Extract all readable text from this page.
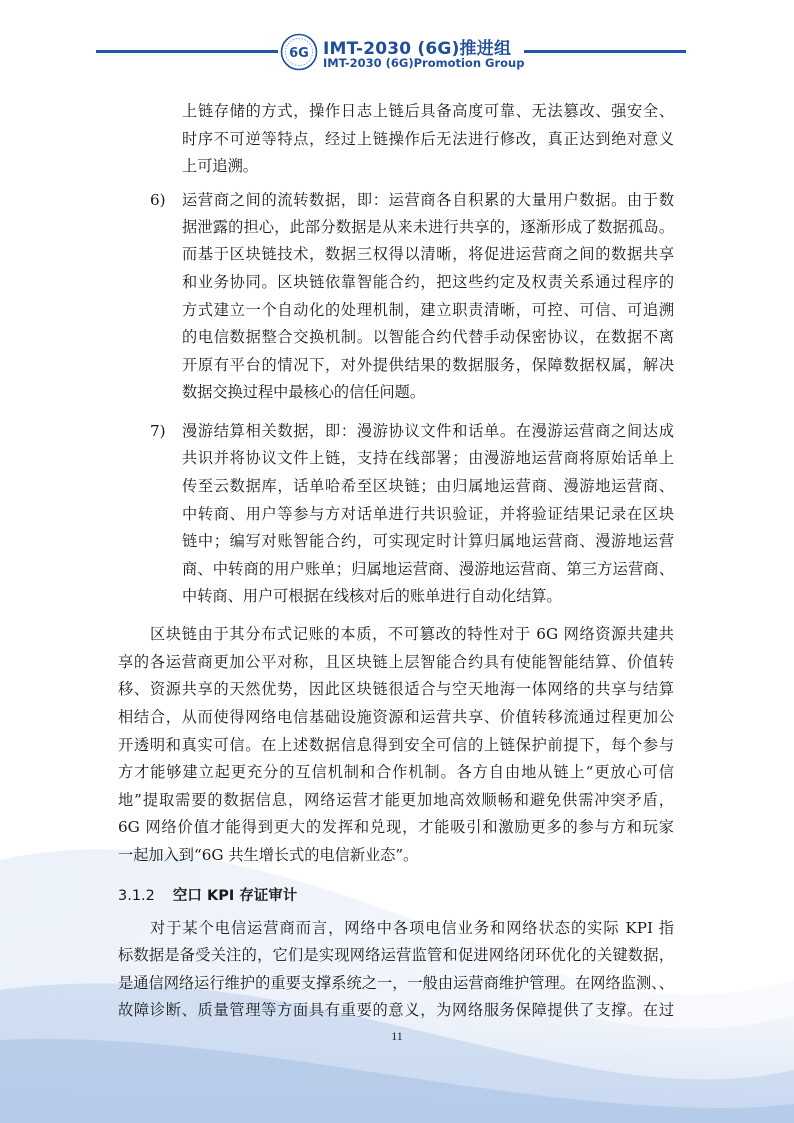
6G IMT-2030 (6G)推进组
IMT-2030 (6G)Promotion Group
上链存储的方式，操作日志上链后具备高度可靠、无法篡改、强安全、
时序不可逆等特点，经过上链操作后无法进行修改，真正达到绝对意义
上可追溯。
6) 运营商之间的流转数据，即：运营商各自积累的大量用户数据。由于数
据泄露的担心，此部分数据是从来未进行共享的，逐渐形成了数据孤岛。
而基于区块链技术，数据三权得以清晰，将促进运营商之间的数据共享
和业务协同。区块链依靠智能合约，把这些约定及权责关系通过程序的
方式建立一个自动化的处理机制，建立职责清晰，可控、可信、可追溯
的电信数据整合交换机制。以智能合约代替手动保密协议，在数据不离
开原有平台的情况下，对外提供结果的数据服务，保障数据权属，解决
数据交换过程中最核心的信任问题。
7) 漫游结算相关数据，即：漫游协议文件和话单。在漫游运营商之间达成
共识并将协议文件上链，支持在线部署；由漫游地运营商将原始话单上
传至云数据库，话单哈希至区块链；由归属地运营商、漫游地运营商、
中转商、用户等参与方对话单进行共识验证，并将验证结果记录在区块
链中；编写对账智能合约，可实现定时计算归属地运营商、漫游地运营
商、中转商的用户账单；归属地运营商、漫游地运营商、第三方运营商、
中转商、用户可根据在线核对后的账单进行自动化结算。
区块链由于其分布式记账的本质，不可篡改的特性对于 6G 网络资源共建共
享的各运营商更加公平对称，且区块链上层智能合约具有使能智能结算、价值转
移、资源共享的天然优势，因此区块链很适合与空天地海一体网络的共享与结算
相结合，从而使得网络电信基础设施资源和运营共享、价值转移流通过程更加公
开透明和真实可信。在上述数据信息得到安全可信的上链保护前提下，每个参与
方才能够建立起更充分的互信机制和合作机制。各方自由地从链上“更放心可信
地”提取需要的数据信息，网络运营才能更加地高效顺畅和避免供需冲突矛盾，
6G 网络价值才能得到更大的发挥和兑现，才能吸引和激励更多的参与方和玩家
一起加入到“6G 共生增长式的电信新业态”。
3.1.2 空口 KPI 存证审计
对于某个电信运营商而言，网络中各项电信业务和网络状态的实际 KPI 指
标数据是备受关注的，它们是实现网络运营监管和促进网络闭环优化的关键数据，
是通信网络运行维护的重要支撑系统之一，一般由运营商维护管理。在网络监测、、
故障诊断、质量管理等方面具有重要的意义，为网络服务保障提供了支撑。在过
11
